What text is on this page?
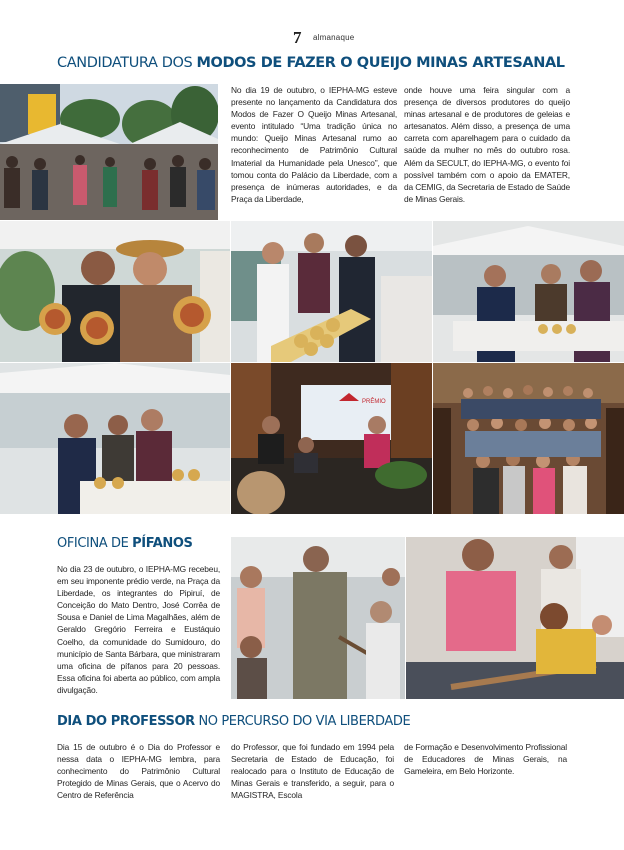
7 almanaque
CANDIDATURA DOS MODOS DE FAZER O QUEIJO MINAS ARTESANAL
No dia 19 de outubro, o IEPHA-MG esteve presente no lançamento da Candidatura dos Modos de Fazer O Queijo Minas Artesanal, evento intitulado “Uma tradição única no mundo: Queijo Minas Artesanal rumo ao reconhecimento de Patrimônio Cultural Imaterial da Humanidade pela Unesco”, que tomou conta do Palácio da Liberdade, com a presença de inúmeras autoridades, e da Praça da Liberdade,
onde houve uma feira singular com a presença de diversos produtores do queijo minas artesanal e de produtores de geleias e artesanatos. Além disso, a presença de uma carreta com aparelhagem para o cuidado da saúde da mulher no mês do outubro rosa. Além da SECULT, do IEPHA-MG, o evento foi possível também com o apoio da EMATER, da CEMIG, da Secretaria de Estado de Saúde de Minas Gerais.
PRÊMIO
OFICINA DE PÍFANOS
No dia 23 de outubro, o IEPHA-MG recebeu, em seu imponente prédio verde, na Praça da Liberdade, os integrantes do Pipiruí, de Conceição do Mato Dentro, José Corrêa de Sousa e Daniel de Lima Magalhães, além de Geraldo Gregório Ferreira e Eustáquio Coelho, da comunidade do Sumidouro, do município de Santa Bárbara, que ministraram uma oficina de pífanos para 20 pessoas. Essa oficina foi aberta ao público, com ampla divulgação.
DIA DO PROFESSOR NO PERCURSO DO VIA LIBERDADE
Dia 15 de outubro é o Dia do Professor e nessa data o IEPHA-MG lembra, para conhecimento do Patrimônio Cultural Protegido de Minas Gerais, que o Acervo do Centro de Referência
do Professor, que foi fundado em 1994 pela Secretaria de Estado de Educação, foi realocado para o Instituto de Educação de Minas Gerais e transferido, a seguir, para o MAGISTRA, Escola
de Formação e Desenvolvimento Profissional de Educadores de Minas Gerais, na Gameleira, em Belo Horizonte.
